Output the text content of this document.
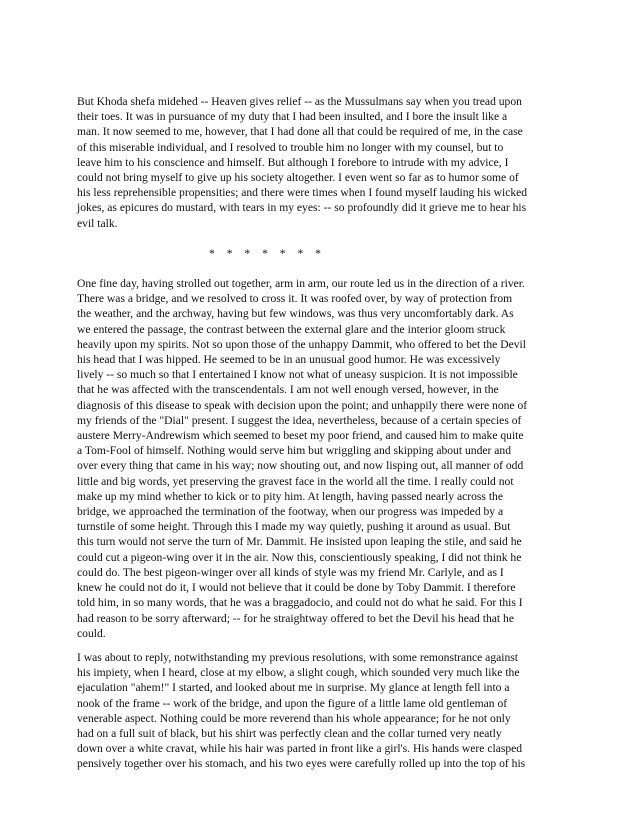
But Khoda shefa midehed -- Heaven gives relief -- as the Mussulmans say when you tread upon
their toes. It was in pursuance of my duty that I had been insulted, and I bore the insult like a
man. It now seemed to me, however, that I had done all that could be required of me, in the case
of this miserable individual, and I resolved to trouble him no longer with my counsel, but to
leave him to his conscience and himself. But although I forebore to intrude with my advice, I
could not bring myself to give up his society altogether. I even went so far as to humor some of
his less reprehensible propensities; and there were times when I found myself lauding his wicked
jokes, as epicures do mustard, with tears in my eyes: -- so profoundly did it grieve me to hear his
evil talk.

* * * * * * *

One fine day, having strolled out together, arm in arm, our route led us in the direction of a river.
There was a bridge, and we resolved to cross it. It was roofed over, by way of protection from
the weather, and the archway, having but few windows, was thus very uncomfortably dark. As
we entered the passage, the contrast between the external glare and the interior gloom struck
heavily upon my spirits. Not so upon those of the unhappy Dammit, who offered to bet the Devil
his head that I was hipped. He seemed to be in an unusual good humor. He was excessively
lively -- so much so that I entertained I know not what of uneasy suspicion. It is not impossible
that he was affected with the transcendentals. I am not well enough versed, however, in the
diagnosis of this disease to speak with decision upon the point; and unhappily there were none of
my friends of the "Dial" present. I suggest the idea, nevertheless, because of a certain species of
austere Merry-Andrewism which seemed to beset my poor friend, and caused him to make quite
a Tom-Fool of himself. Nothing would serve him but wriggling and skipping about under and
over every thing that came in his way; now shouting out, and now lisping out, all manner of odd
little and big words, yet preserving the gravest face in the world all the time. I really could not
make up my mind whether to kick or to pity him. At length, having passed nearly across the
bridge, we approached the termination of the footway, when our progress was impeded by a
turnstile of some height. Through this I made my way quietly, pushing it around as usual. But
this turn would not serve the turn of Mr. Dammit. He insisted upon leaping the stile, and said he
could cut a pigeon-wing over it in the air. Now this, conscientiously speaking, I did not think he
could do. The best pigeon-winger over all kinds of style was my friend Mr. Carlyle, and as I
knew he could not do it, I would not believe that it could be done by Toby Dammit. I therefore
told him, in so many words, that he was a braggadocio, and could not do what he said. For this I
had reason to be sorry afterward; -- for he straightway offered to bet the Devil his head that he
could.

I was about to reply, notwithstanding my previous resolutions, with some remonstrance against
his impiety, when I heard, close at my elbow, a slight cough, which sounded very much like the
ejaculation "ahem!" I started, and looked about me in surprise. My glance at length fell into a
nook of the frame -- work of the bridge, and upon the figure of a little lame old gentleman of
venerable aspect. Nothing could be more reverend than his whole appearance; for he not only
had on a full suit of black, but his shirt was perfectly clean and the collar turned very neatly
down over a white cravat, while his hair was parted in front like a girl's. His hands were clasped
pensively together over his stomach, and his two eyes were carefully rolled up into the top of his
